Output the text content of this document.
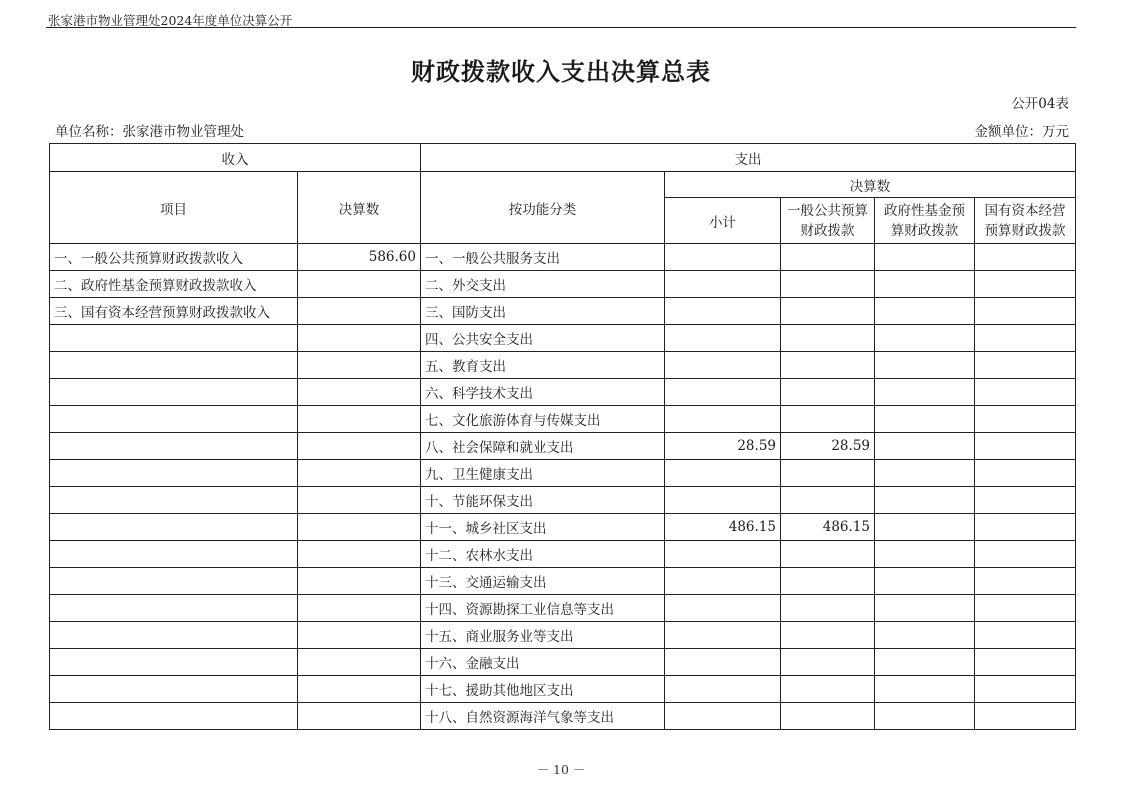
张家港市物业管理处2024年度单位决算公开
财政拨款收入支出决算总表
公开04表
单位名称：张家港市物业管理处	金额单位：万元
收入		支出				
项目	决算数	按功能分类	决算数			
			小计	一般公共预算财政拨款	政府性基金预算财政拨款	国有资本经营预算财政拨款
一、一般公共预算财政拨款收入	586.60	一、一般公共服务支出				
二、政府性基金预算财政拨款收入		二、外交支出				
三、国有资本经营预算财政拨款收入		三、国防支出				
		四、公共安全支出				
		五、教育支出				
		六、科学技术支出				
		七、文化旅游体育与传媒支出				
		八、社会保障和就业支出	28.59	28.59		
		九、卫生健康支出				
		十、节能环保支出				
		十一、城乡社区支出	486.15	486.15		
		十二、农林水支出				
		十三、交通运输支出				
		十四、资源勘探工业信息等支出				
		十五、商业服务业等支出				
		十六、金融支出				
		十七、援助其他地区支出				
		十八、自然资源海洋气象等支出				
－ 10 －
